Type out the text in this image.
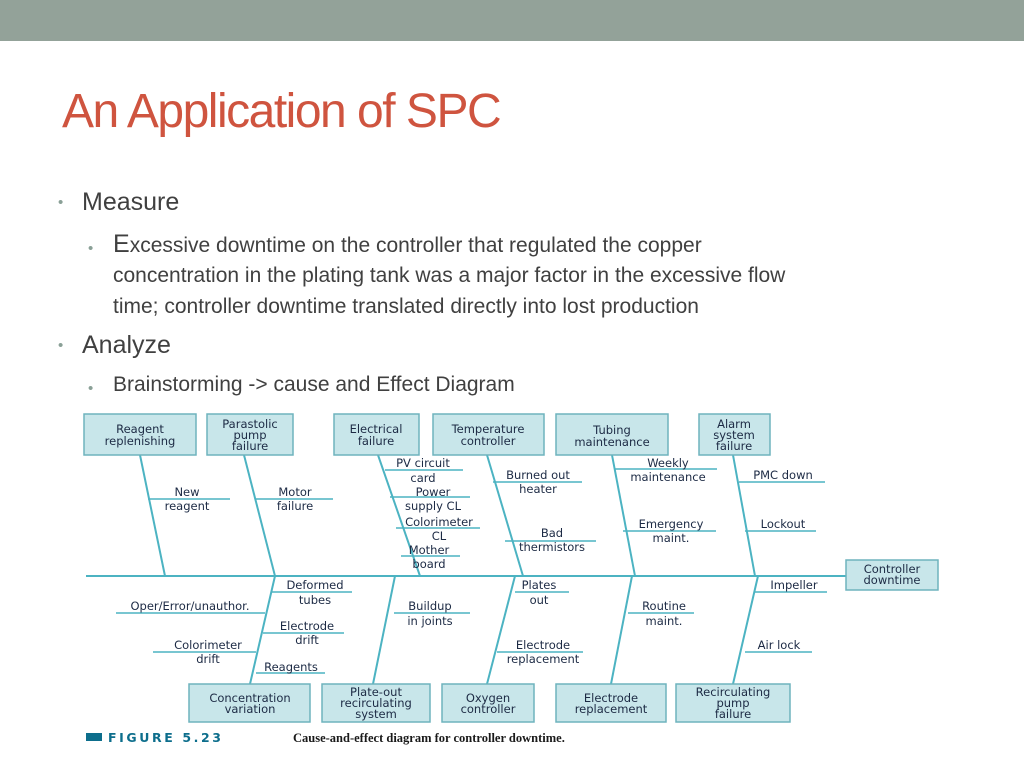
An Application of SPC
• Measure
• Excessive downtime on the controller that regulated the copper
concentration in the plating tank was a major factor in the excessive flow
time; controller downtime translated directly into lost production
• Analyze
• Brainstorming -> cause and Effect Diagram
Reagent
replenishing
Parastolic
pump
failure
Electrical
failure
Temperature
controller
Tubing
maintenance
Alarm
system
failure
Controller
downtime
Concentration
variation
Plate-out
recirculating
system
Oxygen
controller
Electrode
replacement
Recirculating
pump
failure
New
reagent
Motor
failure
PV circuit
card
Power
supply CL
Colorimeter
CL
Mother
board
Burned out
heater
Bad
thermistors
Weekly
maintenance
Emergency
maint.
PMC down
Lockout
Oper/Error/unauthor.
Colorimeter
drift
Deformed
tubes
Electrode
drift
Reagents
Buildup
in joints
Plates
out
Electrode
replacement
Routine
maint.
Impeller
Air lock
FIGURE 5.23	Cause-and-effect diagram for controller downtime.
